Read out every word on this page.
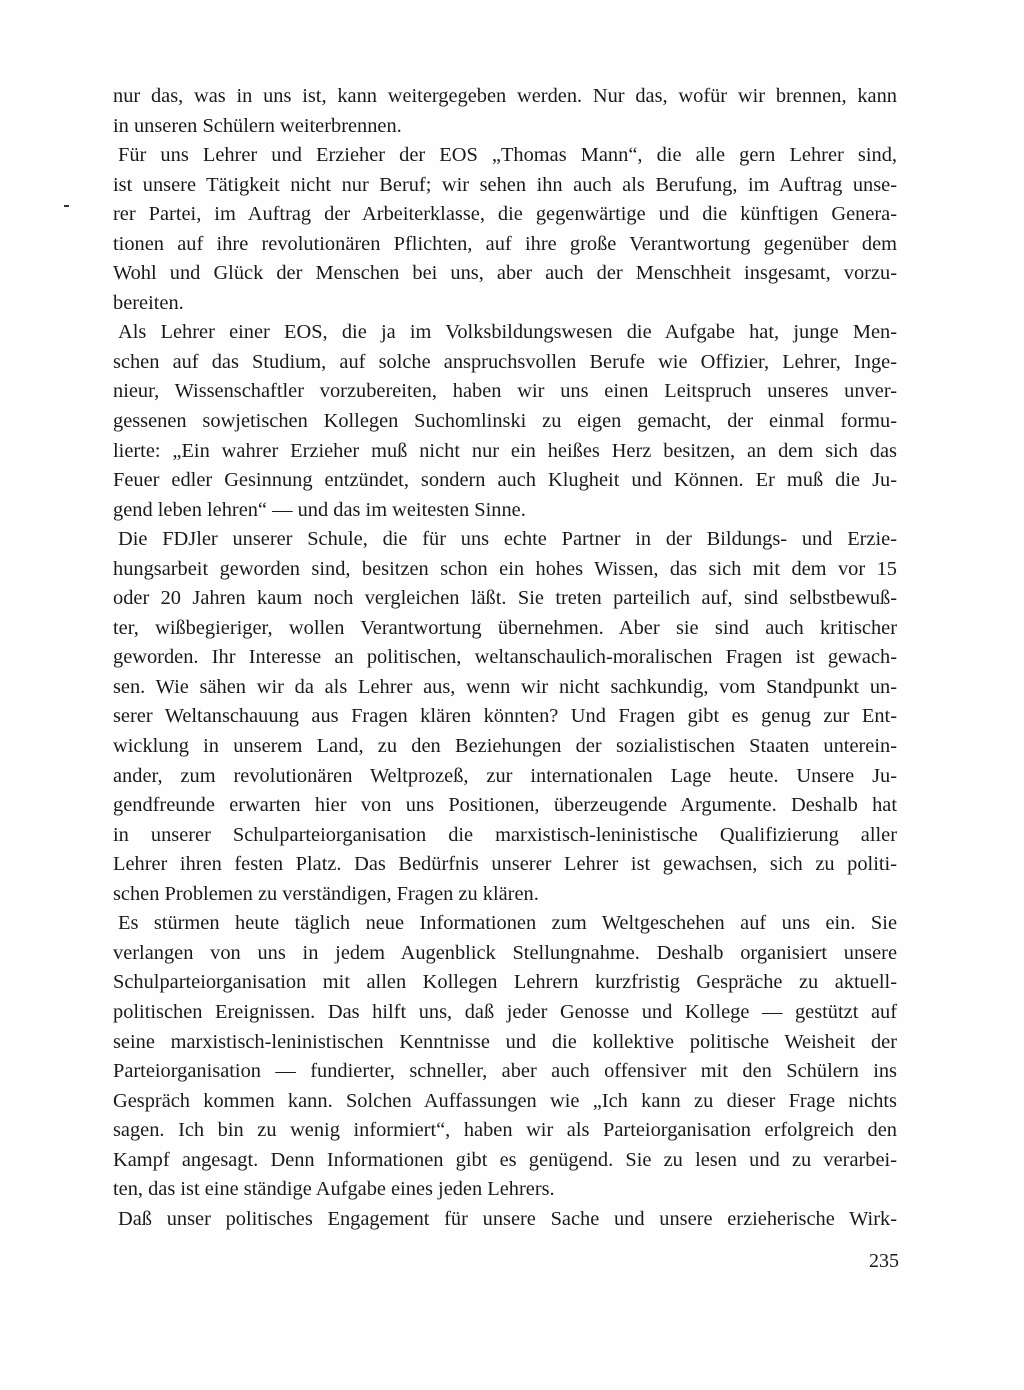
nur das, was in uns ist, kann weitergegeben werden. Nur das, wofür wir brennen, kann
in unseren Schülern weiterbrennen.
Für uns Lehrer und Erzieher der EOS „Thomas Mann“, die alle gern Lehrer sind,
ist unsere Tätigkeit nicht nur Beruf; wir sehen ihn auch als Berufung, im Auftrag unse-
rer Partei, im Auftrag der Arbeiterklasse, die gegenwärtige und die künftigen Genera-
tionen auf ihre revolutionären Pflichten, auf ihre große Verantwortung gegenüber dem
Wohl und Glück der Menschen bei uns, aber auch der Menschheit insgesamt, vorzu-
bereiten.
Als Lehrer einer EOS, die ja im Volksbildungswesen die Aufgabe hat, junge Men-
schen auf das Studium, auf solche anspruchsvollen Berufe wie Offizier, Lehrer, Inge-
nieur, Wissenschaftler vorzubereiten, haben wir uns einen Leitspruch unseres unver-
gessenen sowjetischen Kollegen Suchomlinski zu eigen gemacht, der einmal formu-
lierte: „Ein wahrer Erzieher muß nicht nur ein heißes Herz besitzen, an dem sich das
Feuer edler Gesinnung entzündet, sondern auch Klugheit und Können. Er muß die Ju-
gend leben lehren“ — und das im weitesten Sinne.
Die FDJler unserer Schule, die für uns echte Partner in der Bildungs- und Erzie-
hungsarbeit geworden sind, besitzen schon ein hohes Wissen, das sich mit dem vor 15
oder 20 Jahren kaum noch vergleichen läßt. Sie treten parteilich auf, sind selbstbewuß-
ter, wißbegieriger, wollen Verantwortung übernehmen. Aber sie sind auch kritischer
geworden. Ihr Interesse an politischen, weltanschaulich-moralischen Fragen ist gewach-
sen. Wie sähen wir da als Lehrer aus, wenn wir nicht sachkundig, vom Standpunkt un-
serer Weltanschauung aus Fragen klären könnten? Und Fragen gibt es genug zur Ent-
wicklung in unserem Land, zu den Beziehungen der sozialistischen Staaten unterein-
ander, zum revolutionären Weltprozeß, zur internationalen Lage heute. Unsere Ju-
gendfreunde erwarten hier von uns Positionen, überzeugende Argumente. Deshalb hat
in unserer Schulparteiorganisation die marxistisch-leninistische Qualifizierung aller
Lehrer ihren festen Platz. Das Bedürfnis unserer Lehrer ist gewachsen, sich zu politi-
schen Problemen zu verständigen, Fragen zu klären.
Es stürmen heute täglich neue Informationen zum Weltgeschehen auf uns ein. Sie
verlangen von uns in jedem Augenblick Stellungnahme. Deshalb organisiert unsere
Schulparteiorganisation mit allen Kollegen Lehrern kurzfristig Gespräche zu aktuell-
politischen Ereignissen. Das hilft uns, daß jeder Genosse und Kollege — gestützt auf
seine marxistisch-leninistischen Kenntnisse und die kollektive politische Weisheit der
Parteiorganisation — fundierter, schneller, aber auch offensiver mit den Schülern ins
Gespräch kommen kann. Solchen Auffassungen wie „Ich kann zu dieser Frage nichts
sagen. Ich bin zu wenig informiert“, haben wir als Parteiorganisation erfolgreich den
Kampf angesagt. Denn Informationen gibt es genügend. Sie zu lesen und zu verarbei-
ten, das ist eine ständige Aufgabe eines jeden Lehrers.
Daß unser politisches Engagement für unsere Sache und unsere erzieherische Wirk-
235
